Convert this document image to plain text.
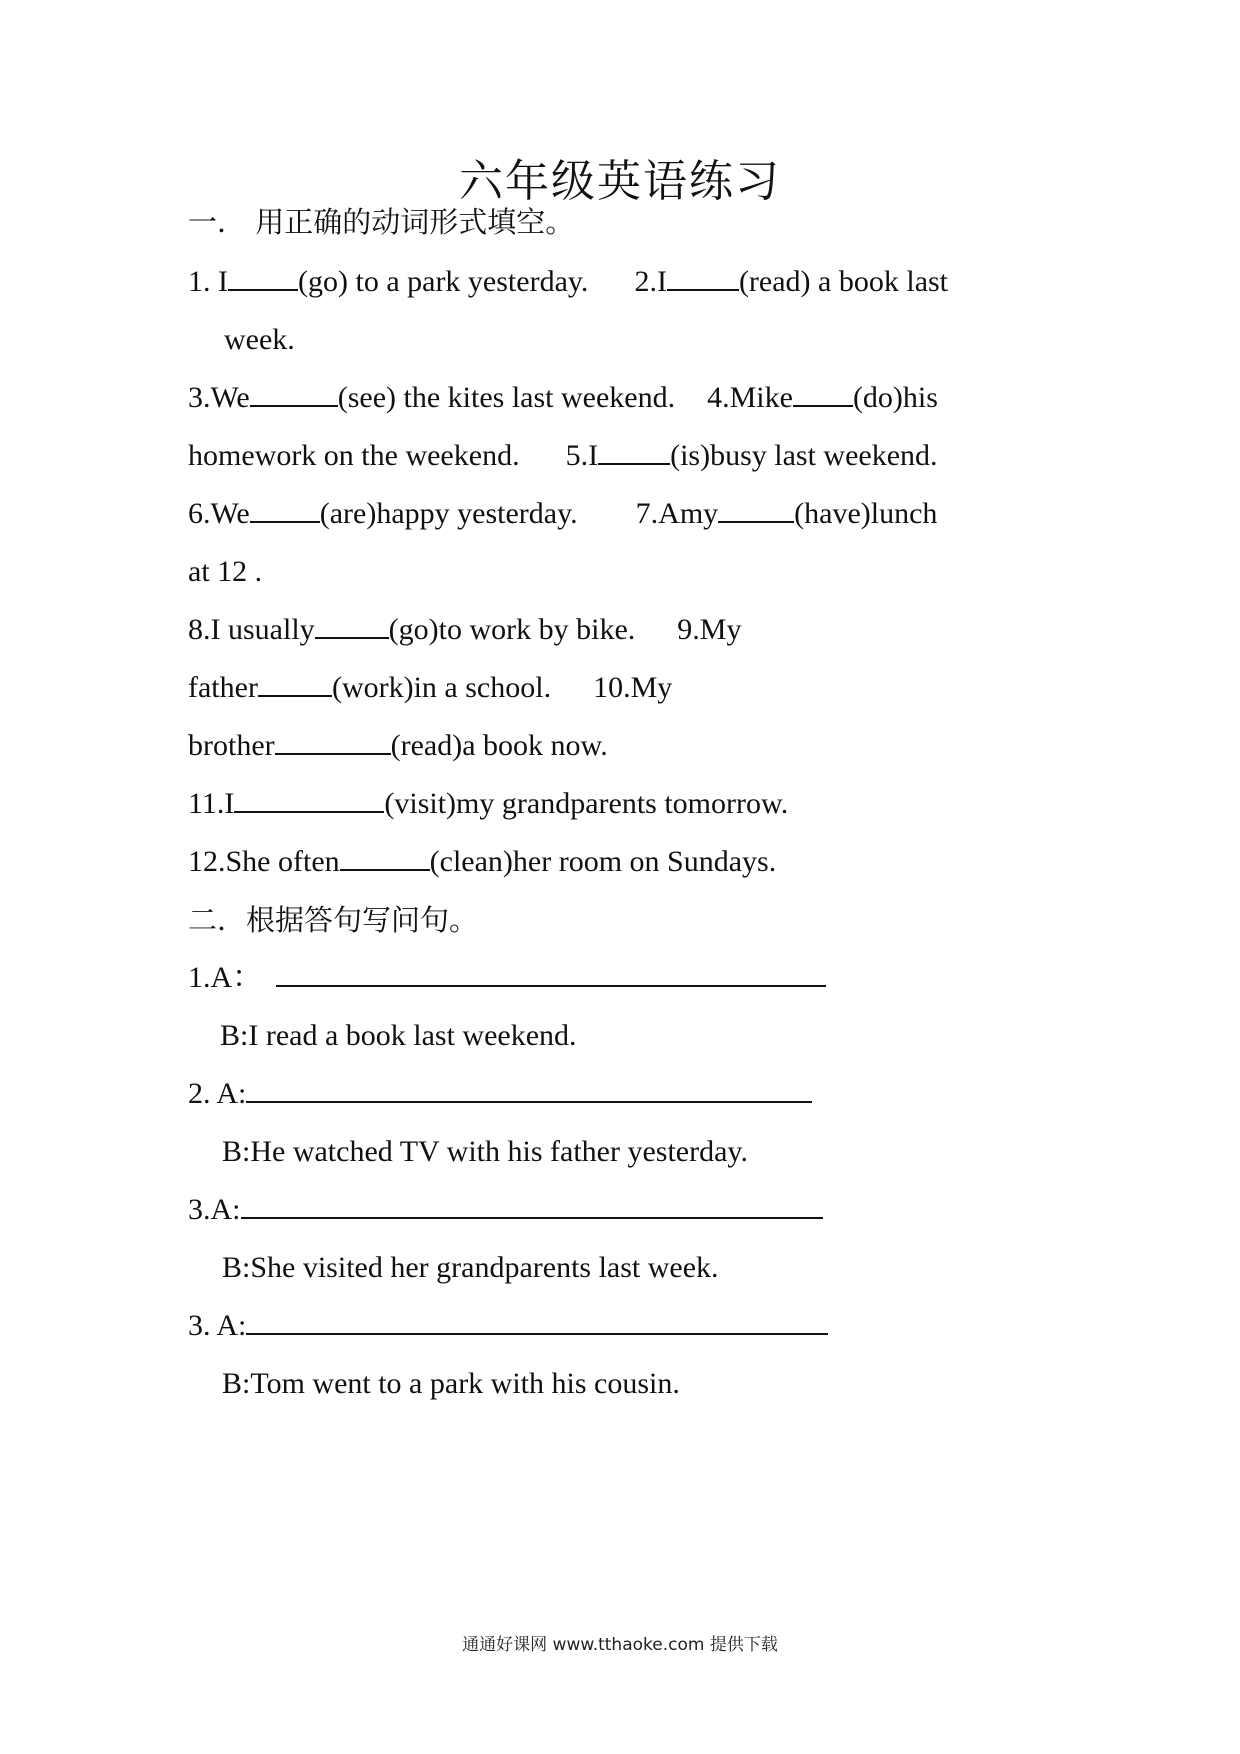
六年级英语练习
一． 用正确的动词形式填空。
1. I (go) to a park yesterday. 2.I (read) a book last
week.
3.We	(see) the kites last weekend. 4.Mike (do)his
homework on the weekend. 5.I (is)busy last weekend.
6.We (are)happy yesterday. 7.Amy	(have)lunch
at 12 .
8.I usually (go)to work by bike. 9.My
father (work)in a school. 10.My
brother	(read)a book now.
11.I	(visit)my grandparents tomorrow.
12.She often	(clean)her room on Sundays.
二．根据答句写问句。
1.A：
B:I read a book last weekend.
2. A:
B:He watched TV with his father yesterday.
3.A:
B:She visited her grandparents last week.
3. A:
B:Tom went to a park with his cousin.
通通好课网 www.tthaoke.com 提供下载
